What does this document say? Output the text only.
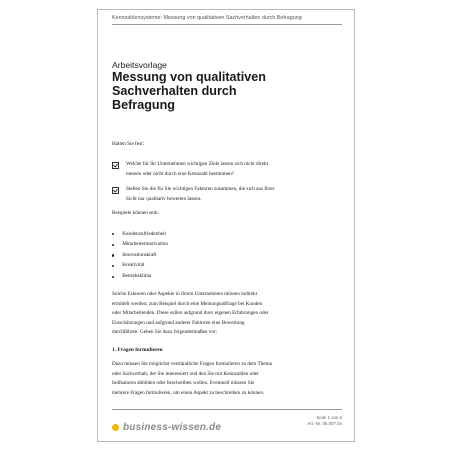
Kennzahlensysteme: Messung von qualitativen Sachverhalten durch Befragung
Arbeitsvorlage
Messung von qualitativen
Sachverhalten durch
Befragung
Halten Sie fest:
Welche für Ihr Unternehmen wichtigen Ziele lassen sich nicht direkt
messen oder nicht durch eine Kennzahl bestimmen?
Stellen Sie die für Sie wichtigen Faktoren zusammen, die sich aus Ihrer
Sicht nur qualitativ bewerten lassen.
Beispiele können sein:
Kundenzufriedenheit
Mitarbeitermotivation
Innovationskraft
Kreativität
Betriebsklima
Solche Faktoren oder Aspekte in Ihrem Unternehmen müssen indirekt
ermittelt werden; zum Beispiel durch eine Meinungsabfrage bei Kunden
oder Mitarbeitenden. Diese sollen aufgrund ihrer eigenen Erfahrungen oder
Einschätzungen und aufgrund anderer Faktoren eine Bewertung
durchführen. Gehen Sie dazu folgendermaßen vor:
1. Fragen formulieren
Dazu müssen Sie möglichst verständliche Fragen formulieren zu dem Thema
oder Sachverhalt, der Sie interessiert und den Sie mit Kennzahlen oder
Indikatoren abbilden oder beschreiben wollen. Eventuell müssen Sie
mehrere Fragen formulieren, um einen Aspekt zu beschreiben zu können.
business-wissen.de
Seite 1 von 5
Art.-Nr. 06.007.04
